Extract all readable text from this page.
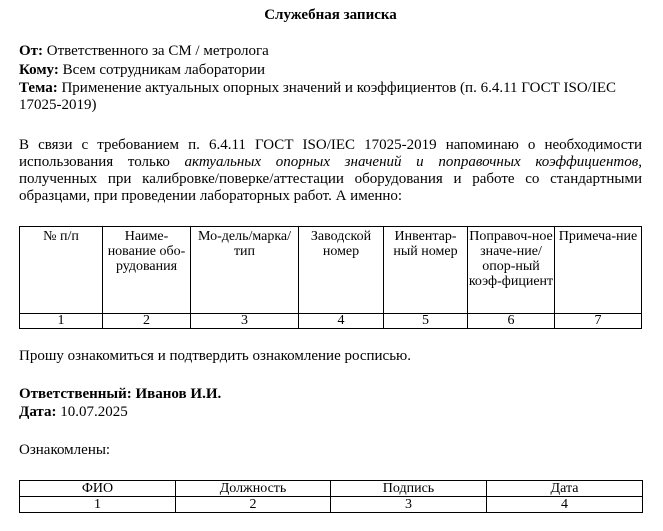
Служебная записка
От: Ответственного за СМ / метролога
Кому: Всем сотрудникам лаборатории
Тема: Применение актуальных опорных значений и коэффициентов (п. 6.4.11 ГОСТ ISO/IEC 17025-2019)
В связи с требованием п. 6.4.11 ГОСТ ISO/IEC 17025-2019 напоминаю о необходимости использования только актуальных опорных значений и поправочных коэффициентов, полученных при калибровке/поверке/аттестации оборудования и работе со стандартными образцами, при проведении лабораторных работ. А именно:
№ п/п	Наиме-нование обо-рудования	Мо-дель/марка/тип	Заводской номер	Инвентар-ный номер	Поправоч-ное значе-ние/опор-ный коэф-фициент	Примеча-ние
1	2	3	4	5	6	7
Прошу ознакомиться и подтвердить ознакомление росписью.
Ответственный: Иванов И.И.
Дата: 10.07.2025
Ознакомлены:
ФИО	Должность	Подпись	Дата
1	2	3	4
